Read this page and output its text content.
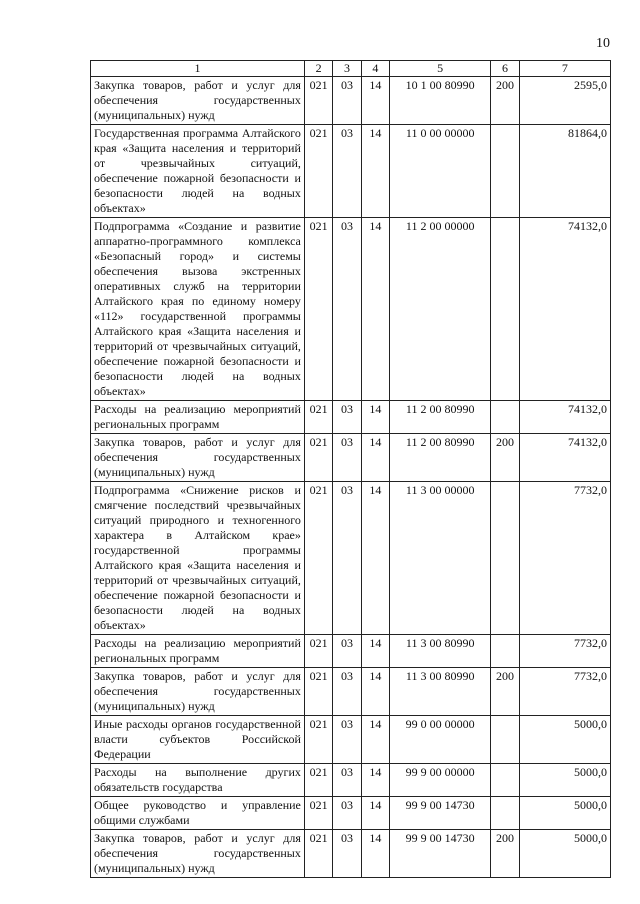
10
1	2	3	4	5	6	7
Закупка товаров, работ и услуг для обеспечения государственных (муниципальных) нужд	021	03	14	10 1 00 80990	200	2595,0
Государственная программа Алтайского края «Защита населения и территорий от чрезвычайных ситуаций, обеспечение пожарной безопасности и безопасности людей на водных объектах»	021	03	14	11 0 00 00000		81864,0
Подпрограмма «Создание и развитие аппаратно-программного комплекса «Безопасный город» и системы обеспечения вызова экстренных оперативных служб на территории Алтайского края по единому номеру «112» государственной программы Алтайского края «Защита населения и территорий от чрезвычайных ситуаций, обеспечение пожарной безопасности и безопасности людей на водных объектах»	021	03	14	11 2 00 00000		74132,0
Расходы на реализацию мероприятий региональных программ	021	03	14	11 2 00 80990		74132,0
Закупка товаров, работ и услуг для обеспечения государственных (муниципальных) нужд	021	03	14	11 2 00 80990	200	74132,0
Подпрограмма «Снижение рисков и смягчение последствий чрезвычайных ситуаций природного и техногенного характера в Алтайском крае» государственной программы Алтайского края «Защита населения и территорий от чрезвычайных ситуаций, обеспечение пожарной безопасности и безопасности людей на водных объектах»	021	03	14	11 3 00 00000		7732,0
Расходы на реализацию мероприятий региональных программ	021	03	14	11 3 00 80990		7732,0
Закупка товаров, работ и услуг для обеспечения государственных (муниципальных) нужд	021	03	14	11 3 00 80990	200	7732,0
Иные расходы органов государственной власти субъектов Российской Федерации	021	03	14	99 0 00 00000		5000,0
Расходы на выполнение других обязательств государства	021	03	14	99 9 00 00000		5000,0
Общее руководство и управление общими службами	021	03	14	99 9 00 14730		5000,0
Закупка товаров, работ и услуг для обеспечения государственных (муниципальных) нужд	021	03	14	99 9 00 14730	200	5000,0
